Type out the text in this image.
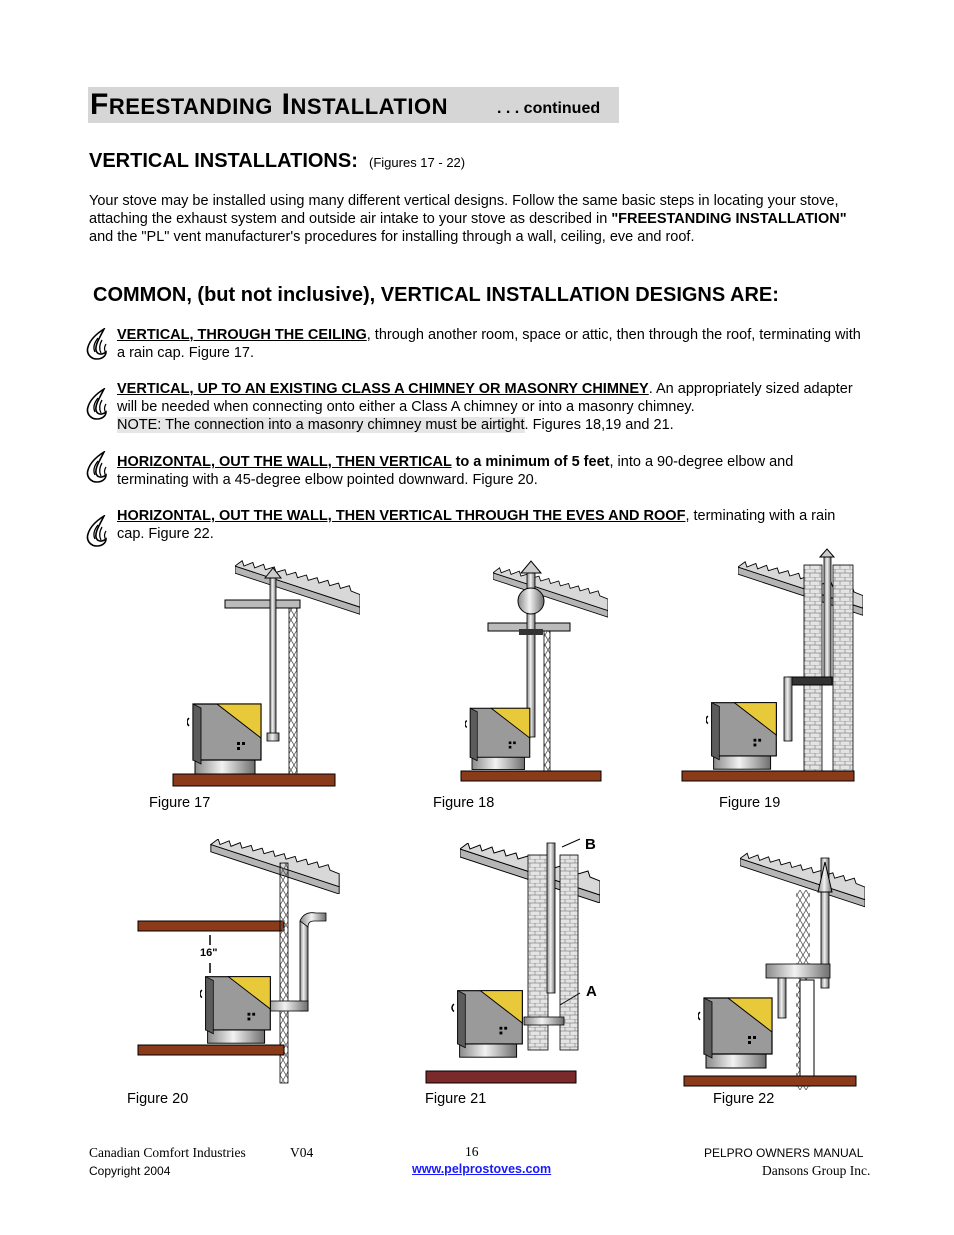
FREESTANDING INSTALLATION	. . . continued
VERTICAL INSTALLATIONS: (Figures 17 - 22)
Your stove may be installed using many different vertical designs. Follow the same basic steps in locating your stove, attaching the exhaust system and outside air intake to your stove as described in "FREESTANDING INSTALLATION" and the "PL" vent manufacturer's procedures for installing through a wall, ceiling, eve and roof.
COMMON, (but not inclusive), VERTICAL INSTALLATION DESIGNS ARE:
VERTICAL, THROUGH THE CEILING, through another room, space or attic, then through the roof, terminating with a rain cap. Figure 17.
VERTICAL, UP TO AN EXISTING CLASS A CHIMNEY OR MASONRY CHIMNEY. An appropriately sized adapter will be needed when connecting onto either a Class A chimney or into a masonry chimney.
NOTE: The connection into a masonry chimney must be airtight. Figures 18,19 and 21.
HORIZONTAL, OUT THE WALL, THEN VERTICAL to a minimum of 5 feet, into a 90-degree elbow and terminating with a 45-degree elbow pointed downward. Figure 20.
HORIZONTAL, OUT THE WALL, THEN VERTICAL THROUGH THE EVES AND ROOF, terminating with a rain cap. Figure 22.
Figure 17	Figure 18	Figure 19
16"
B
A
Figure 20	Figure 21	Figure 22
Canadian Comfort Industries	V04	16	PELPRO OWNERS MANUAL
Copyright 2004	www.pelprostoves.com	Dansons Group Inc.
